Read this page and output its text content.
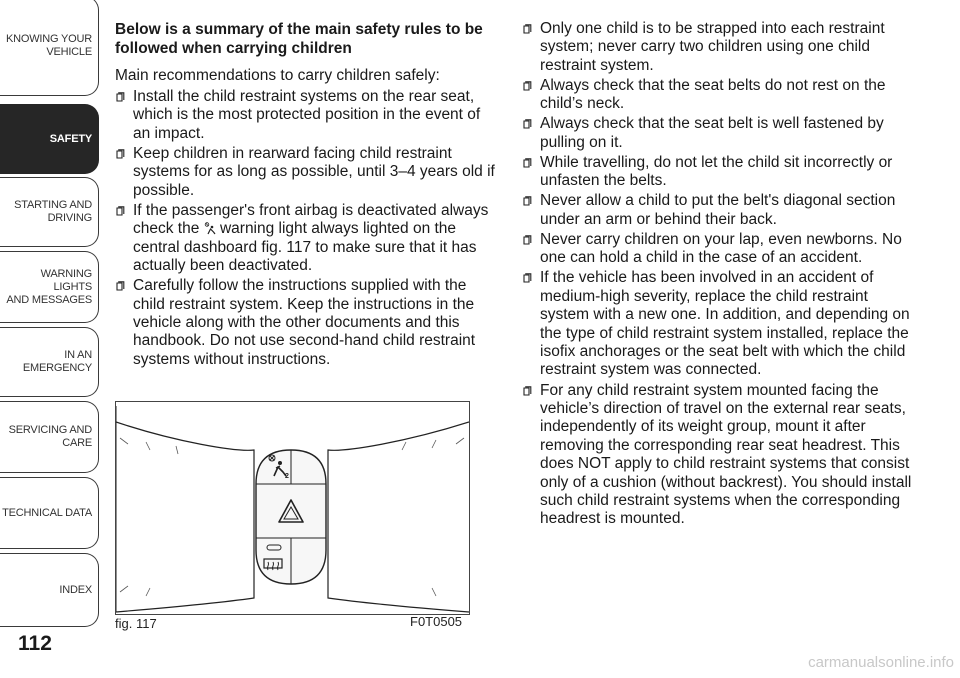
KNOWING YOUR
VEHICLE
SAFETY
STARTING AND
DRIVING
WARNING LIGHTS
AND MESSAGES
IN AN EMERGENCY
SERVICING AND
CARE
TECHNICAL DATA
INDEX
112
Below is a summary of the main safety rules to be followed when carrying children
Main recommendations to carry children safely:
Install the child restraint systems on the rear seat, which is the most protected position in the event of an impact.
Keep children in rearward facing child restraint systems for as long as possible, until 3–4 years old if possible.
If the passenger's front airbag is deactivated always check the  warning light always lighted on the central dashboard fig. 117 to make sure that it has actually been deactivated.
Carefully follow the instructions supplied with the child restraint system. Keep the instructions in the vehicle along with the other documents and this handbook. Do not use second-hand child restraint systems without instructions.
Only one child is to be strapped into each restraint system; never carry two children using one child restraint system.
Always check that the seat belts do not rest on the child’s neck.
Always check that the seat belt is well fastened by pulling on it.
While travelling, do not let the child sit incorrectly or unfasten the belts.
Never allow a child to put the belt's diagonal section under an arm or behind their back.
Never carry children on your lap, even newborns. No one can hold a child in the case of an accident.
If the vehicle has been involved in an accident of medium-high severity, replace the child restraint system with a new one. In addition, and depending on the type of child restraint system installed, replace the isofix anchorages or the seat belt with which the child restraint system was connected.
For any child restraint system mounted facing the vehicle’s direction of travel on the external rear seats, independently of its weight group, mount it after removing the corresponding rear seat headrest. This does NOT apply to child restraint systems that consist only of a cushion (without backrest). You should install such child restraint systems when the corresponding headrest is mounted.
2
fig. 117	F0T0505
carmanualsonline.info
